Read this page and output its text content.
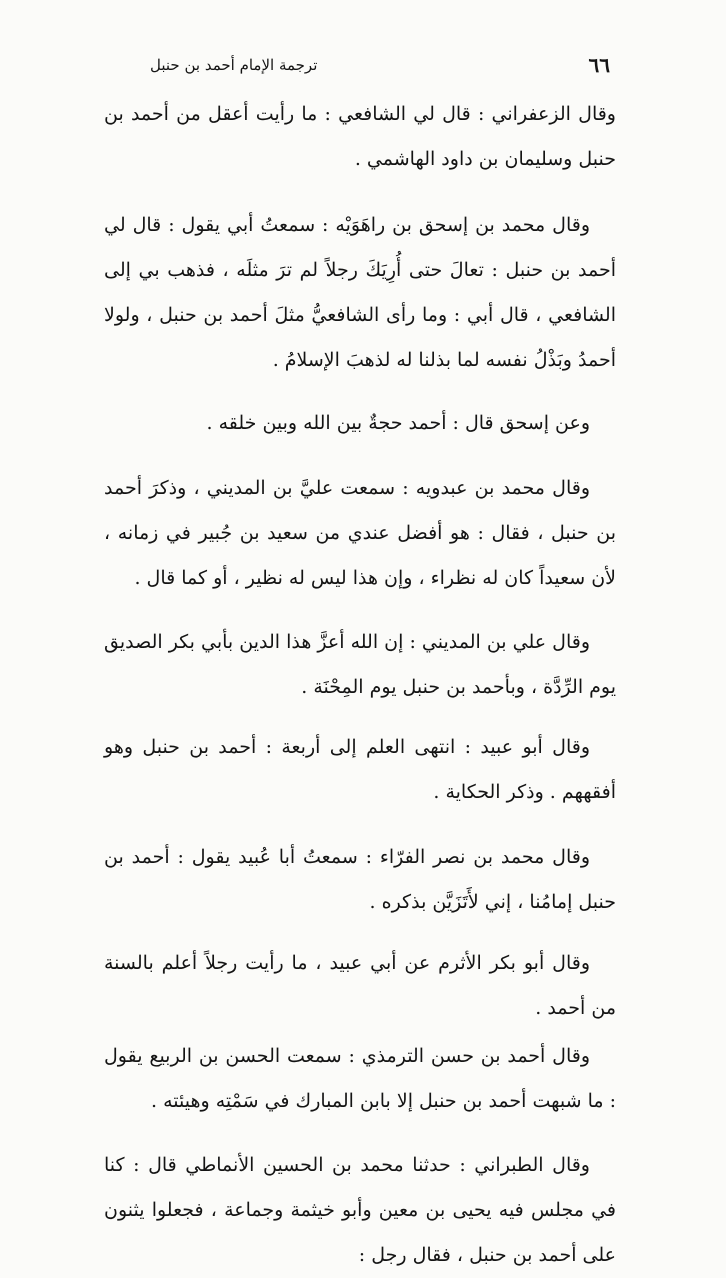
٦٦
ترجمة الإمام أحمد بن حنبل

وقال الزعفراني : قال لي الشافعي : ما رأيت أعقل من أحمد بن حنبل وسليمان بن داود الهاشمي .

وقال محمد بن إسحق بن راهَوَيْه : سمعتُ أبي يقول : قال لي أحمد بن حنبل : تعالَ حتى أُرِيَكَ رجلاً لم ترَ مثلَه ، فذهب بي إلى الشافعي ، قال أبي : وما رأى الشافعيُّ مثلَ أحمد بن حنبل ، ولولا أحمدُ وبَذْلُ نفسه لما بذلنا له لذهبَ الإسلامُ .

وعن إسحق قال : أحمد حجةٌ بين الله وبين خلقه .

وقال محمد بن عبدويه : سمعت عليَّ بن المديني ، وذكرَ أحمد بن حنبل ، فقال : هو أفضل عندي من سعيد بن جُبير في زمانه ، لأن سعيداً كان له نظراء ، وإن هذا ليس له نظير ، أو كما قال .

وقال علي بن المديني : إن الله أعزَّ هذا الدين بأبي بكر الصديق يوم الرِّدَّة ، وبأحمد بن حنبل يوم المِحْنَة .

وقال أبو عبيد : انتهى العلم إلى أربعة : أحمد بن حنبل وهو أفقههم . وذكر الحكاية .

وقال محمد بن نصر الفرّاء : سمعتُ أبا عُبيد يقول : أحمد بن حنبل إمامُنا ، إني لأَتَزَيَّن بذكره .

وقال أبو بكر الأثرم عن أبي عبيد ، ما رأيت رجلاً أعلم بالسنة من أحمد .

وقال أحمد بن حسن الترمذي : سمعت الحسن بن الربيع يقول : ما شبهت أحمد بن حنبل إلا بابن المبارك في سَمْتِه وهيئته .

وقال الطبراني : حدثنا محمد بن الحسين الأنماطي قال : كنا في مجلس فيه يحيى بن معين وأبو خيثمة وجماعة ، فجعلوا يثنون على أحمد بن حنبل ، فقال رجل :
